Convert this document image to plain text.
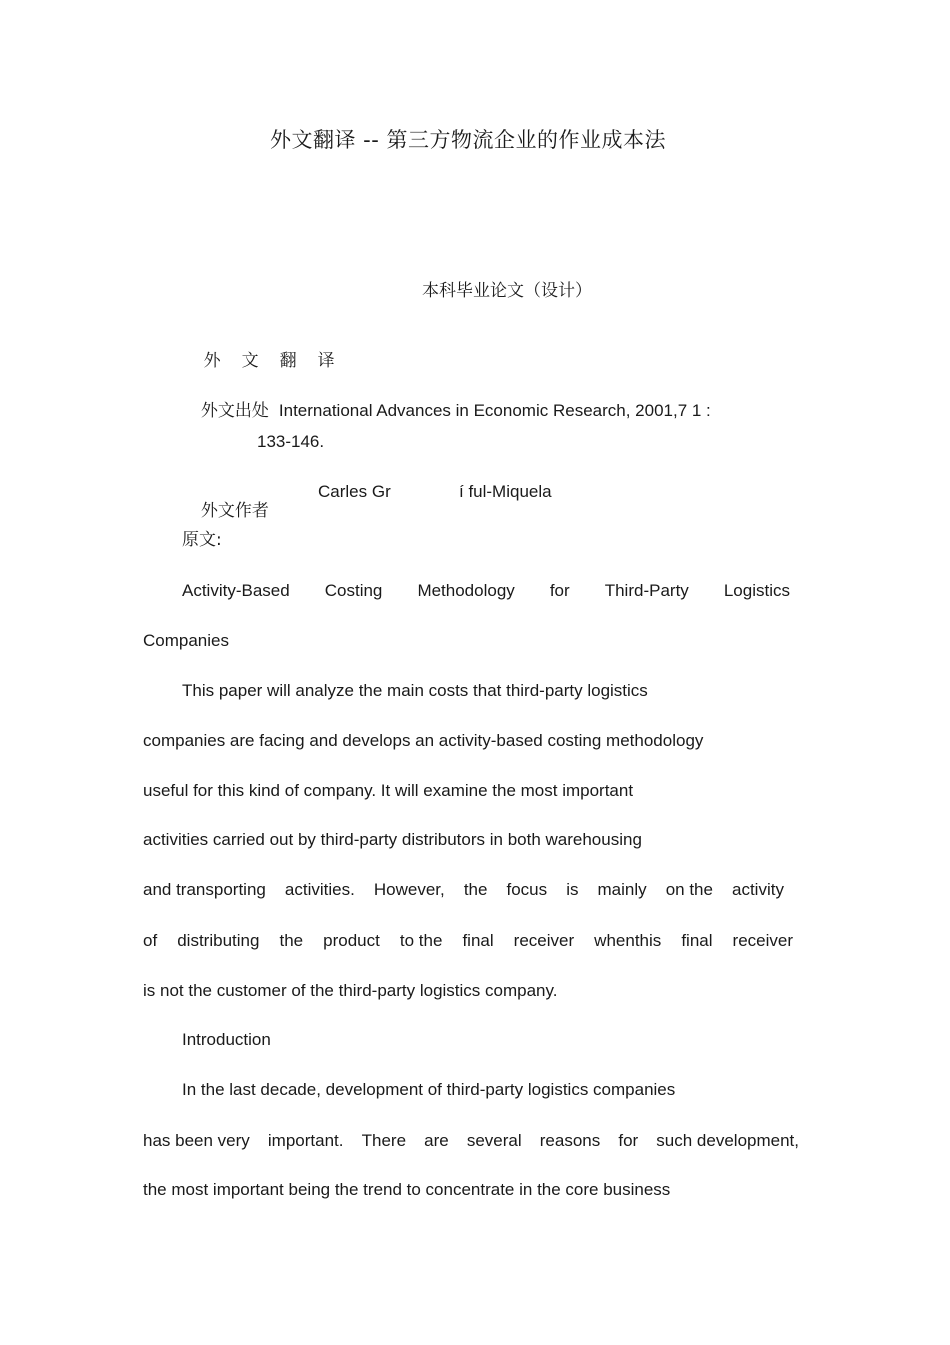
外文翻译 -- 第三方物流企业的作业成本法
本科毕业论文（设计）

外 文 翻 译

外文出处 International Advances in Economic Research, 2001,7 1 :

133-146.

外文作者

Carles Gr	í ful-Miquela
原文:
Activity-Based Costing Methodology for Third-Party Logistics
Companies
This paper will analyze the main costs that third-party logistics
companies are facing and develops an activity-based costing methodology
useful for this kind of company. It will examine the most important
activities carried out by third-party distributors in both warehousing
and transporting activities. However, the focus is mainly on the activity
of distributing the product to the final receiver whenthis final receiver
is not the customer of the third-party logistics company.
Introduction
In the last decade, development of third-party logistics companies
has been very important. There are several reasons for such development,
the most important being the trend to concentrate in the core business
